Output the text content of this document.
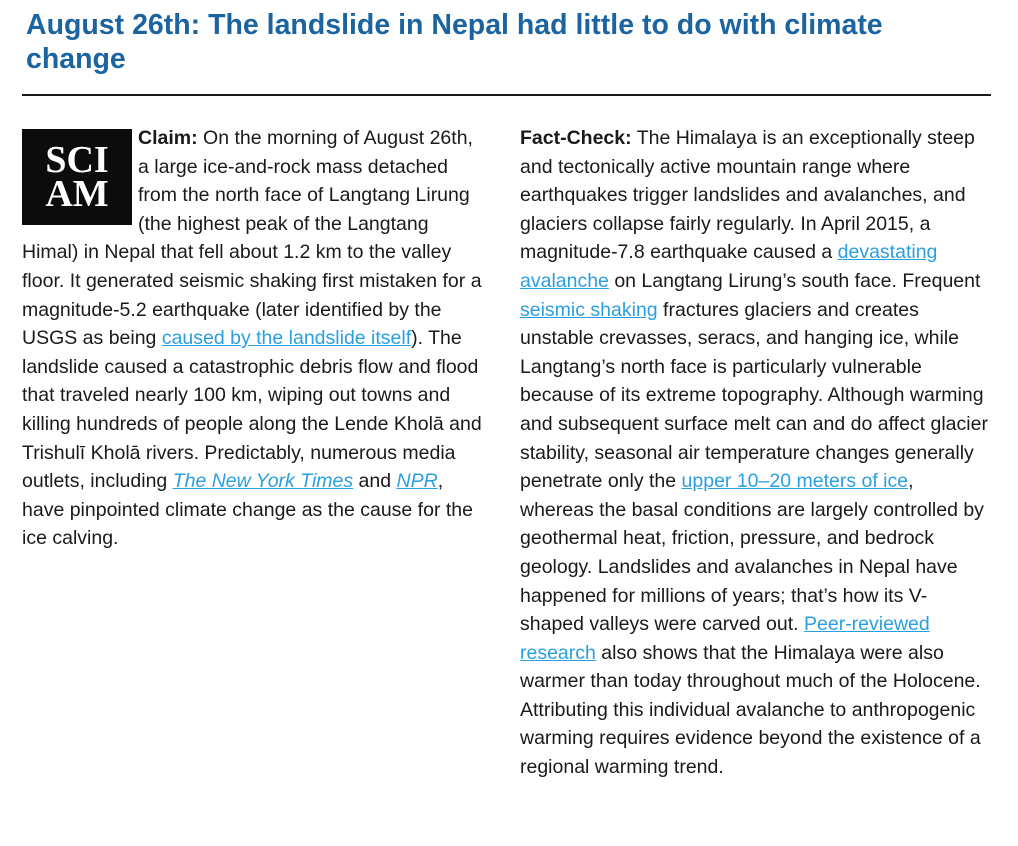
August 26th: The landslide in Nepal had little to do with climate change
SCI
AM

Claim: On the morning of August 26th, a large ice-and-rock mass detached from the north face of Langtang Lirung (the highest peak of the Langtang Himal) in Nepal that fell about 1.2 km to the valley floor. It generated seismic shaking first mistaken for a magnitude-5.2 earthquake (later identified by the USGS as being caused by the landslide itself). The landslide caused a catastrophic debris flow and flood that traveled nearly 100 km, wiping out towns and killing hundreds of people along the Lende Kholā and Trishulī Kholā rivers. Predictably, numerous media outlets, including The New York Times and NPR, have pinpointed climate change as the cause for the ice calving.

Fact-Check: The Himalaya is an exceptionally steep and tectonically active mountain range where earthquakes trigger landslides and avalanches, and glaciers collapse fairly regularly. In April 2015, a magnitude-7.8 earthquake caused a devastating avalanche on Langtang Lirung’s south face. Frequent seismic shaking fractures glaciers and creates unstable crevasses, seracs, and hanging ice, while Langtang’s north face is particularly vulnerable because of its extreme topography. Although warming and subsequent surface melt can and do affect glacier stability, seasonal air temperature changes generally penetrate only the upper 10–20 meters of ice, whereas the basal conditions are largely controlled by geothermal heat, friction, pressure, and bedrock geology. Landslides and avalanches in Nepal have happened for millions of years; that’s how its V-shaped valleys were carved out. Peer-reviewed research also shows that the Himalaya were also warmer than today throughout much of the Holocene. Attributing this individual avalanche to anthropogenic warming requires evidence beyond the existence of a regional warming trend.
